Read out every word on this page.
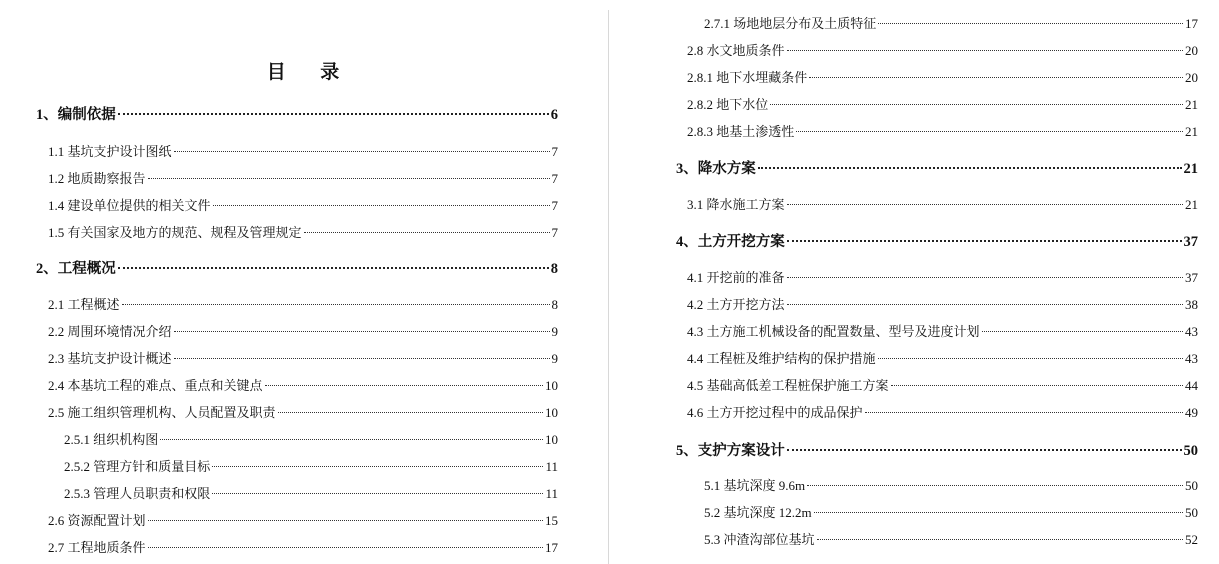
目 录
1、编制依据	6
1.1 基坑支护设计图纸	7
1.2 地质勘察报告	7
1.4 建设单位提供的相关文件	7
1.5 有关国家及地方的规范、规程及管理规定	7
2、工程概况	8
2.1 工程概述	8
2.2 周围环境情况介绍	9
2.3 基坑支护设计概述	9
2.4 本基坑工程的难点、重点和关键点	10
2.5 施工组织管理机构、人员配置及职责	10
2.5.1 组织机构图	10
2.5.2 管理方针和质量目标	11
2.5.3 管理人员职责和权限	11
2.6 资源配置计划	15
2.7 工程地质条件	17
2.7.1 场地地层分布及土质特征	17
2.8 水文地质条件	20
2.8.1 地下水埋藏条件	20
2.8.2 地下水位	21
2.8.3 地基土渗透性	21
3、降水方案	21
3.1 降水施工方案	21
4、土方开挖方案	37
4.1 开挖前的准备	37
4.2 土方开挖方法	38
4.3 土方施工机械设备的配置数量、型号及进度计划	43
4.4 工程桩及维护结构的保护措施	43
4.5 基础高低差工程桩保护施工方案	44
4.6 土方开挖过程中的成品保护	49
5、支护方案设计	50
5.1 基坑深度 9.6m	50
5.2 基坑深度 12.2m	50
5.3 冲渣沟部位基坑	52
